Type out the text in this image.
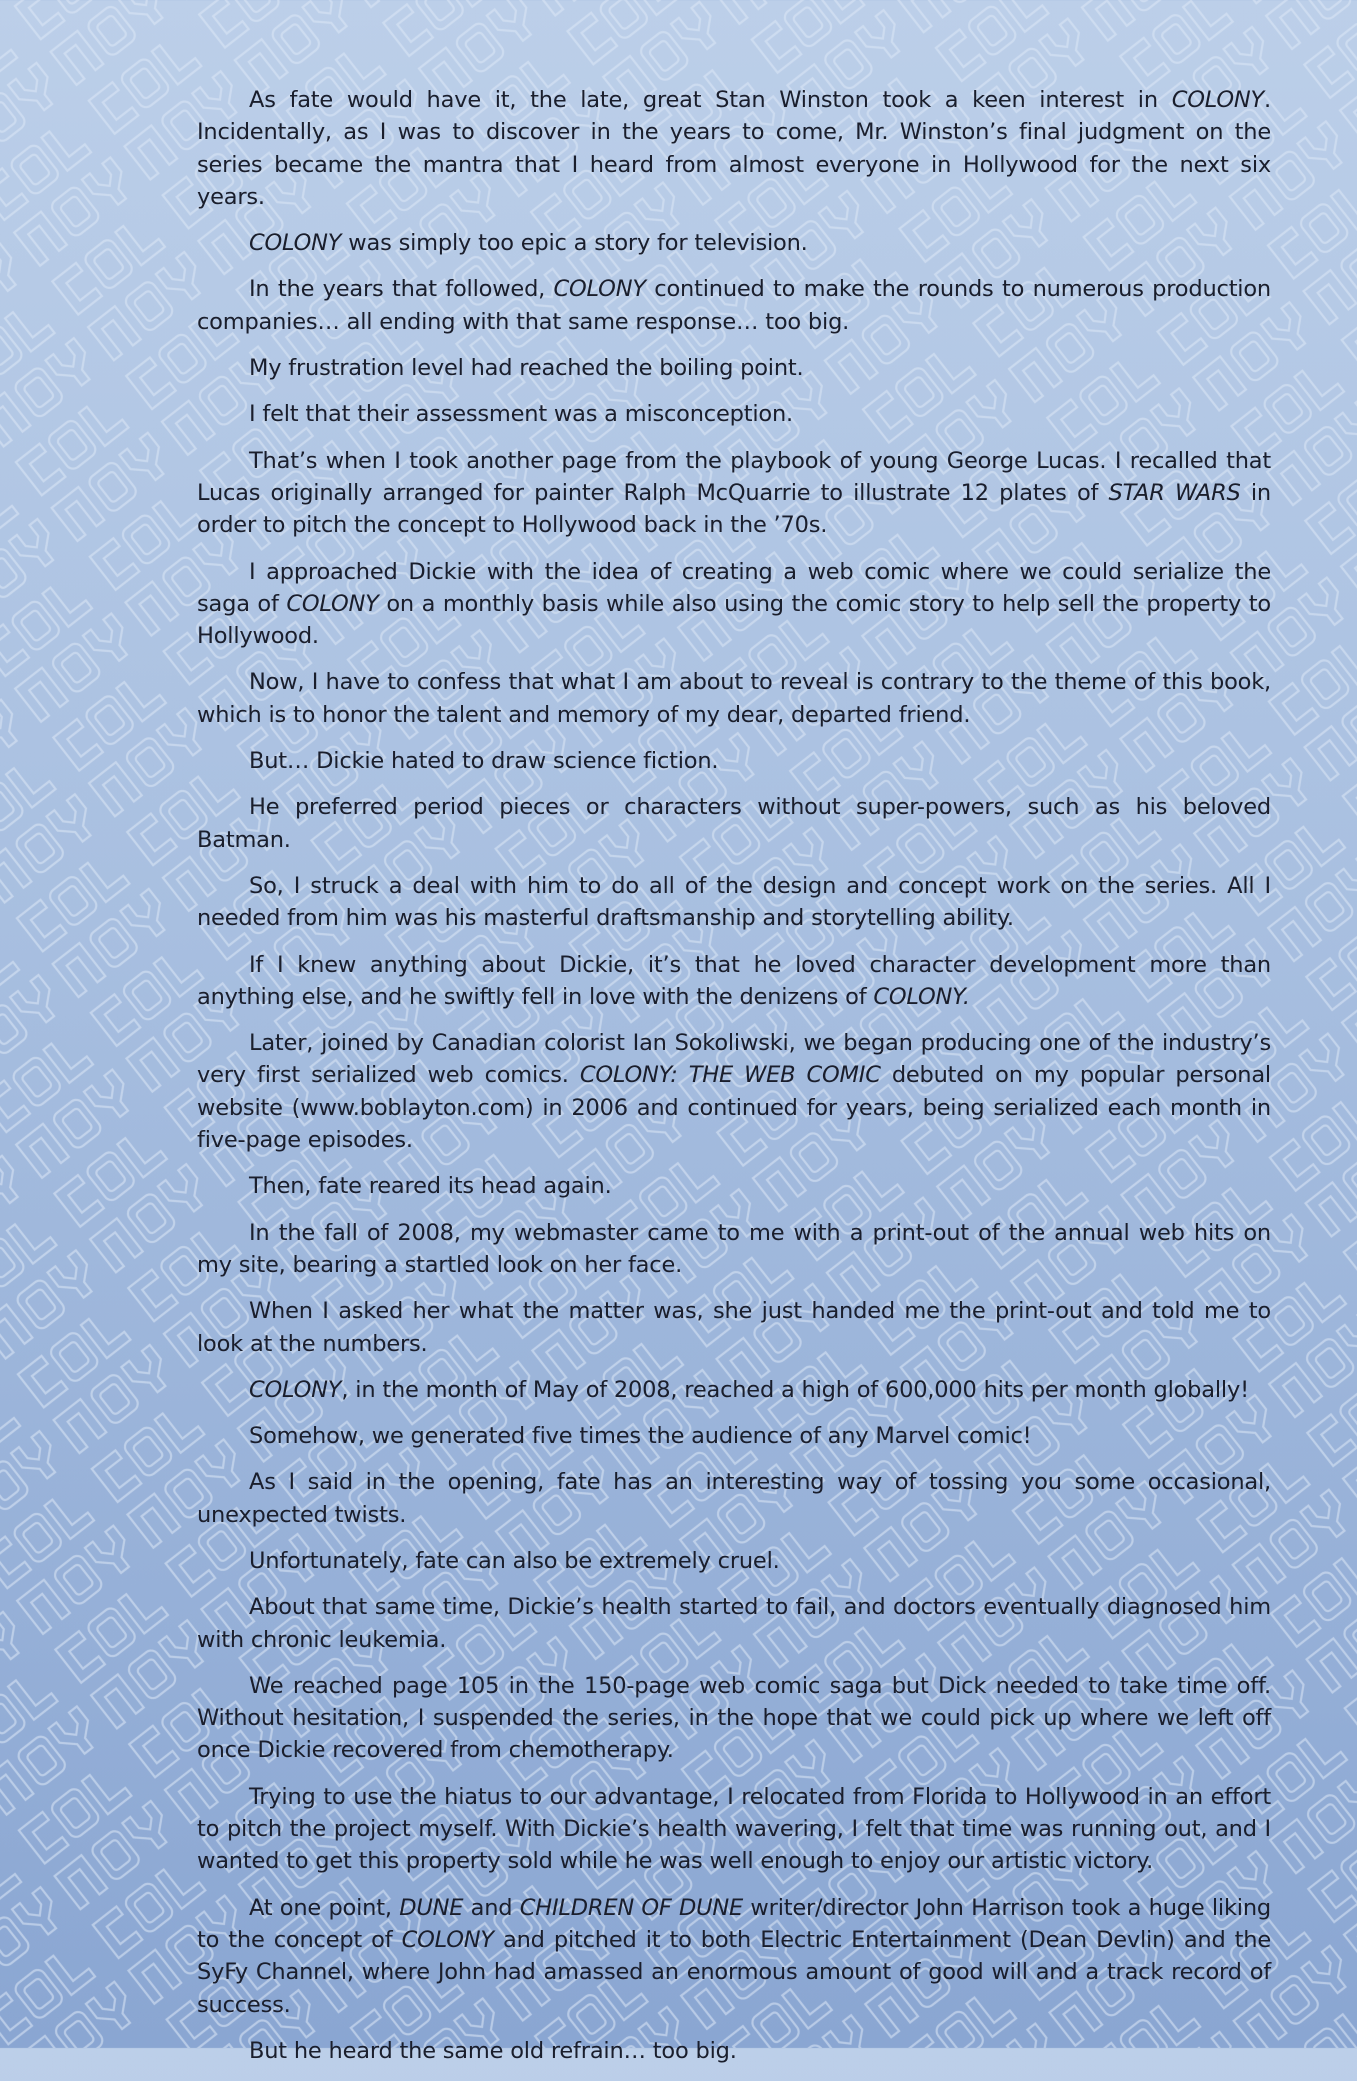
As fate would have it, the late, great Stan Winston took a keen interest in COLONY. Incidentally, as I was to discover in the years to come, Mr. Winston’s final judgment on the series became the mantra that I heard from almost everyone in Hollywood for the next six years.

COLONY was simply too epic a story for television.

In the years that followed, COLONY continued to make the rounds to numerous production companies… all ending with that same response… too big.

My frustration level had reached the boiling point.

I felt that their assessment was a misconception.

That’s when I took another page from the playbook of young George Lucas. I recalled that Lucas originally arranged for painter Ralph McQuarrie to illustrate 12 plates of STAR WARS in order to pitch the concept to Hollywood back in the ’70s.

I approached Dickie with the idea of creating a web comic where we could serialize the saga of COLONY on a monthly basis while also using the comic story to help sell the property to Hollywood.

Now, I have to confess that what I am about to reveal is contrary to the theme of this book, which is to honor the talent and memory of my dear, departed friend.

But… Dickie hated to draw science fiction.

He preferred period pieces or characters without super-powers, such as his beloved Batman.

So, I struck a deal with him to do all of the design and concept work on the series. All I needed from him was his masterful draftsmanship and storytelling ability.

If I knew anything about Dickie, it’s that he loved character development more than anything else, and he swiftly fell in love with the denizens of COLONY.

Later, joined by Canadian colorist Ian Sokoliwski, we began producing one of the industry’s very first serialized web comics. COLONY: THE WEB COMIC debuted on my popular personal website (www.boblayton.com) in 2006 and continued for years, being serialized each month in five-page episodes.

Then, fate reared its head again.

In the fall of 2008, my webmaster came to me with a print-out of the annual web hits on my site, bearing a startled look on her face.

When I asked her what the matter was, she just handed me the print-out and told me to look at the numbers.

COLONY, in the month of May of 2008, reached a high of 600,000 hits per month globally!

Somehow, we generated five times the audience of any Marvel comic!

As I said in the opening, fate has an interesting way of tossing you some occasional, unexpected twists.

Unfortunately, fate can also be extremely cruel.

About that same time, Dickie’s health started to fail, and doctors eventually diagnosed him with chronic leukemia.

We reached page 105 in the 150-page web comic saga but Dick needed to take time off. Without hesitation, I suspended the series, in the hope that we could pick up where we left off once Dickie recovered from chemotherapy.

Trying to use the hiatus to our advantage, I relocated from Florida to Hollywood in an effort to pitch the project myself. With Dickie’s health wavering, I felt that time was running out, and I wanted to get this property sold while he was well enough to enjoy our artistic victory.

At one point, DUNE and CHILDREN OF DUNE writer/director John Harrison took a huge liking to the concept of COLONY and pitched it to both Electric Entertainment (Dean Devlin) and the SyFy Channel, where John had amassed an enormous amount of good will and a track record of success.

But he heard the same old refrain… too big.
